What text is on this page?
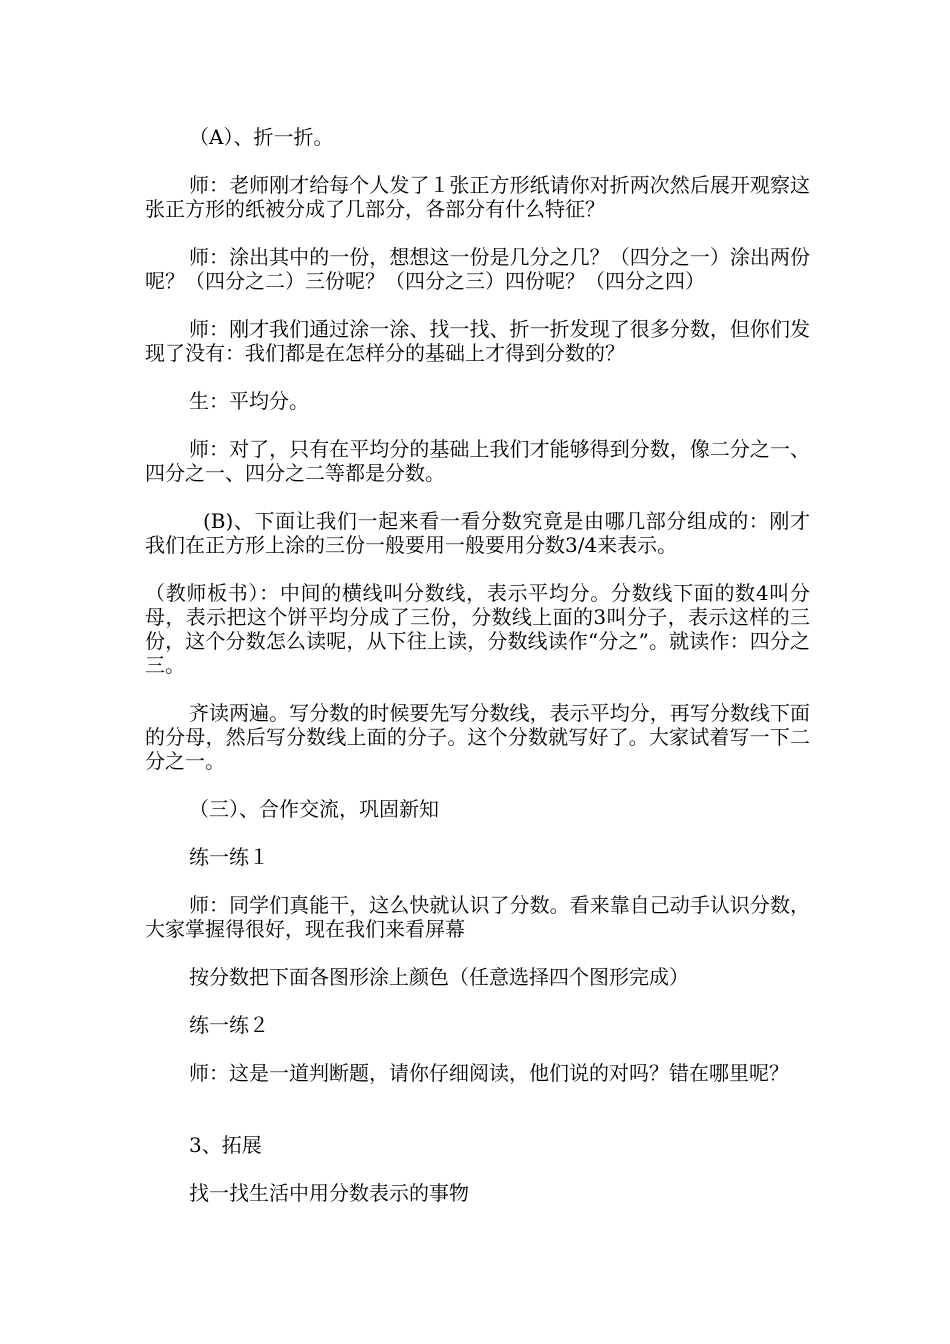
（A）、折一折。

师：老师刚才给每个人发了１张正方形纸请你对折两次然后展开观察这张正方形的纸被分成了几部分，各部分有什么特征？

师：涂出其中的一份，想想这一份是几分之几？（四分之一）涂出两份呢？（四分之二）三份呢？（四分之三）四份呢？（四分之四）

师：刚才我们通过涂一涂、找一找、折一折发现了很多分数，但你们发现了没有：我们都是在怎样分的基础上才得到分数的？

生：平均分。

师：对了，只有在平均分的基础上我们才能够得到分数，像二分之一、四分之一、四分之二等都是分数。

(B)、下面让我们一起来看一看分数究竟是由哪几部分组成的：刚才我们在正方形上涂的三份一般要用一般要用分数3/4来表示。

（教师板书）：中间的横线叫分数线，表示平均分。分数线下面的数4叫分母，表示把这个饼平均分成了三份，分数线上面的3叫分子，表示这样的三份，这个分数怎么读呢，从下往上读，分数线读作“分之”。就读作：四分之三。

齐读两遍。写分数的时候要先写分数线，表示平均分，再写分数线下面的分母，然后写分数线上面的分子。这个分数就写好了。大家试着写一下二分之一。

（三）、合作交流，巩固新知

练一练１

师：同学们真能干，这么快就认识了分数。看来靠自己动手认识分数，大家掌握得很好，现在我们来看屏幕

按分数把下面各图形涂上颜色（任意选择四个图形完成）

练一练２

师：这是一道判断题，请你仔细阅读，他们说的对吗？错在哪里呢？

3、拓展

找一找生活中用分数表示的事物
